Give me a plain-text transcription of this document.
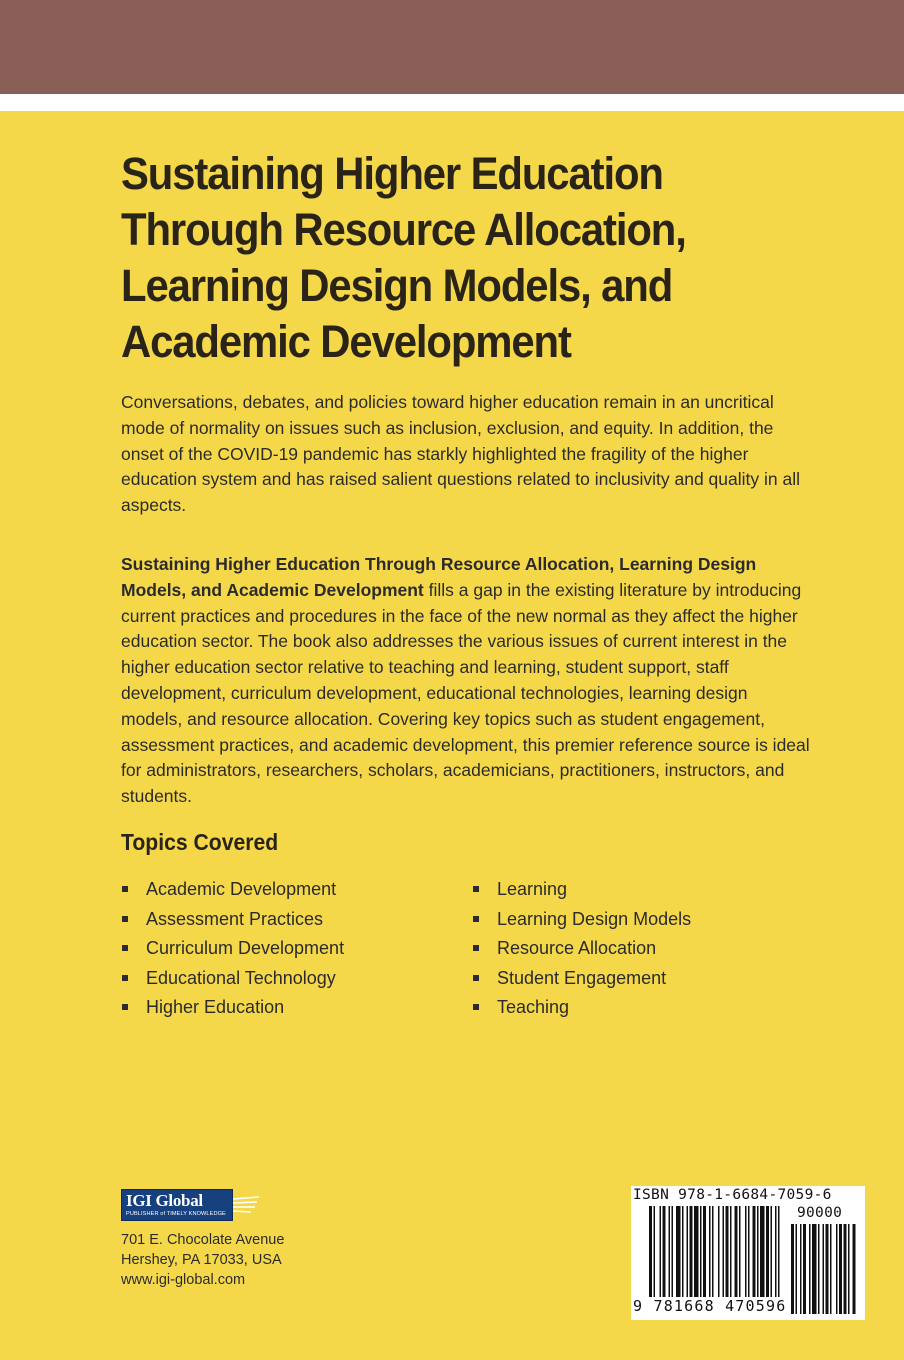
Sustaining Higher Education
Through Resource Allocation,
Learning Design Models, and
Academic Development
Conversations, debates, and policies toward higher education remain in an uncritical mode of normality on issues such as inclusion, exclusion, and equity. In addition, the onset of the COVID-19 pandemic has starkly highlighted the fragility of the higher education system and has raised salient questions related to inclusivity and quality in all aspects.
Sustaining Higher Education Through Resource Allocation, Learning Design Models, and Academic Development fills a gap in the existing literature by introducing current practices and procedures in the face of the new normal as they affect the higher education sector. The book also addresses the various issues of current interest in the higher education sector relative to teaching and learning, student support, staff development, curriculum development, educational technologies, learning design models, and resource allocation. Covering key topics such as student engagement, assessment practices, and academic development, this premier reference source is ideal for administrators, researchers, scholars, academicians, practitioners, instructors, and students.
Topics Covered
Academic Development
Assessment Practices
Curriculum Development
Educational Technology
Higher Education
Learning
Learning Design Models
Resource Allocation
Student Engagement
Teaching
IGI Global
PUBLISHER of TIMELY KNOWLEDGE
701 E. Chocolate Avenue
Hershey, PA 17033, USA
www.igi-global.com
ISBN 978-1-6684-7059-6
90000
9 781668 470596
